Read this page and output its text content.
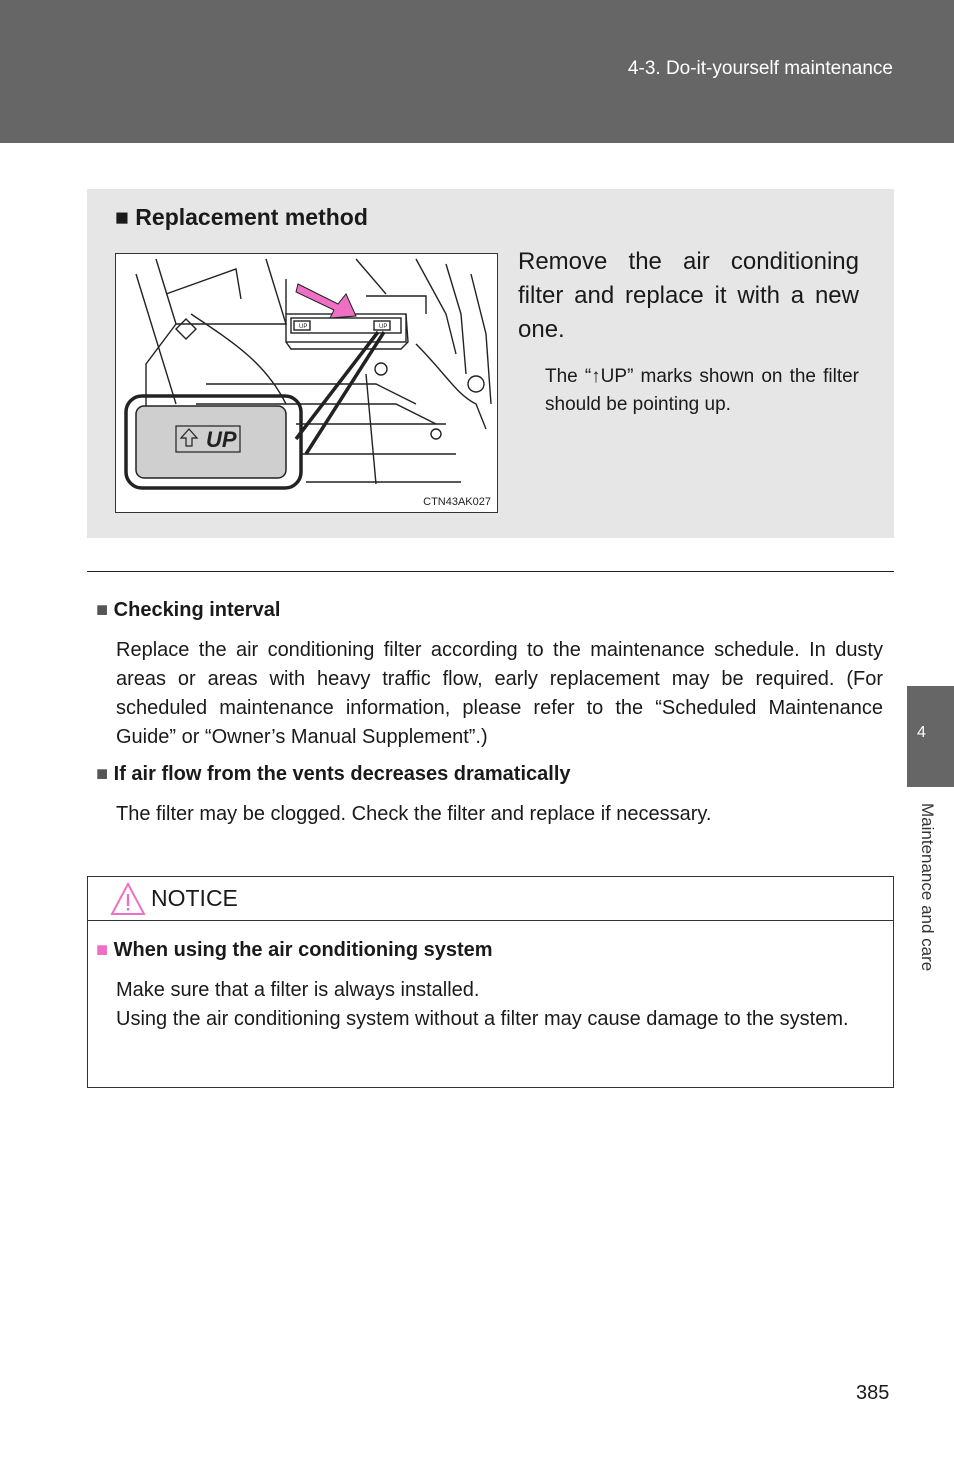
4-3. Do-it-yourself maintenance
4
Maintenance and care
■ Replacement method
UP
UP	UP
CTN43AK027
Remove the air conditioning filter and replace it with a new one.
The “↑UP” marks shown on the filter should be pointing up.
■ Checking interval
Replace the air conditioning filter according to the maintenance schedule. In dusty areas or areas with heavy traffic flow, early replacement may be required. (For scheduled maintenance information, please refer to the “Scheduled Maintenance Guide” or “Owner’s Manual Supplement”.)
■ If air flow from the vents decreases dramatically
The filter may be clogged. Check the filter and replace if necessary.
NOTICE
■ When using the air conditioning system
Make sure that a filter is always installed.
Using the air conditioning system without a filter may cause damage to the system.
385
